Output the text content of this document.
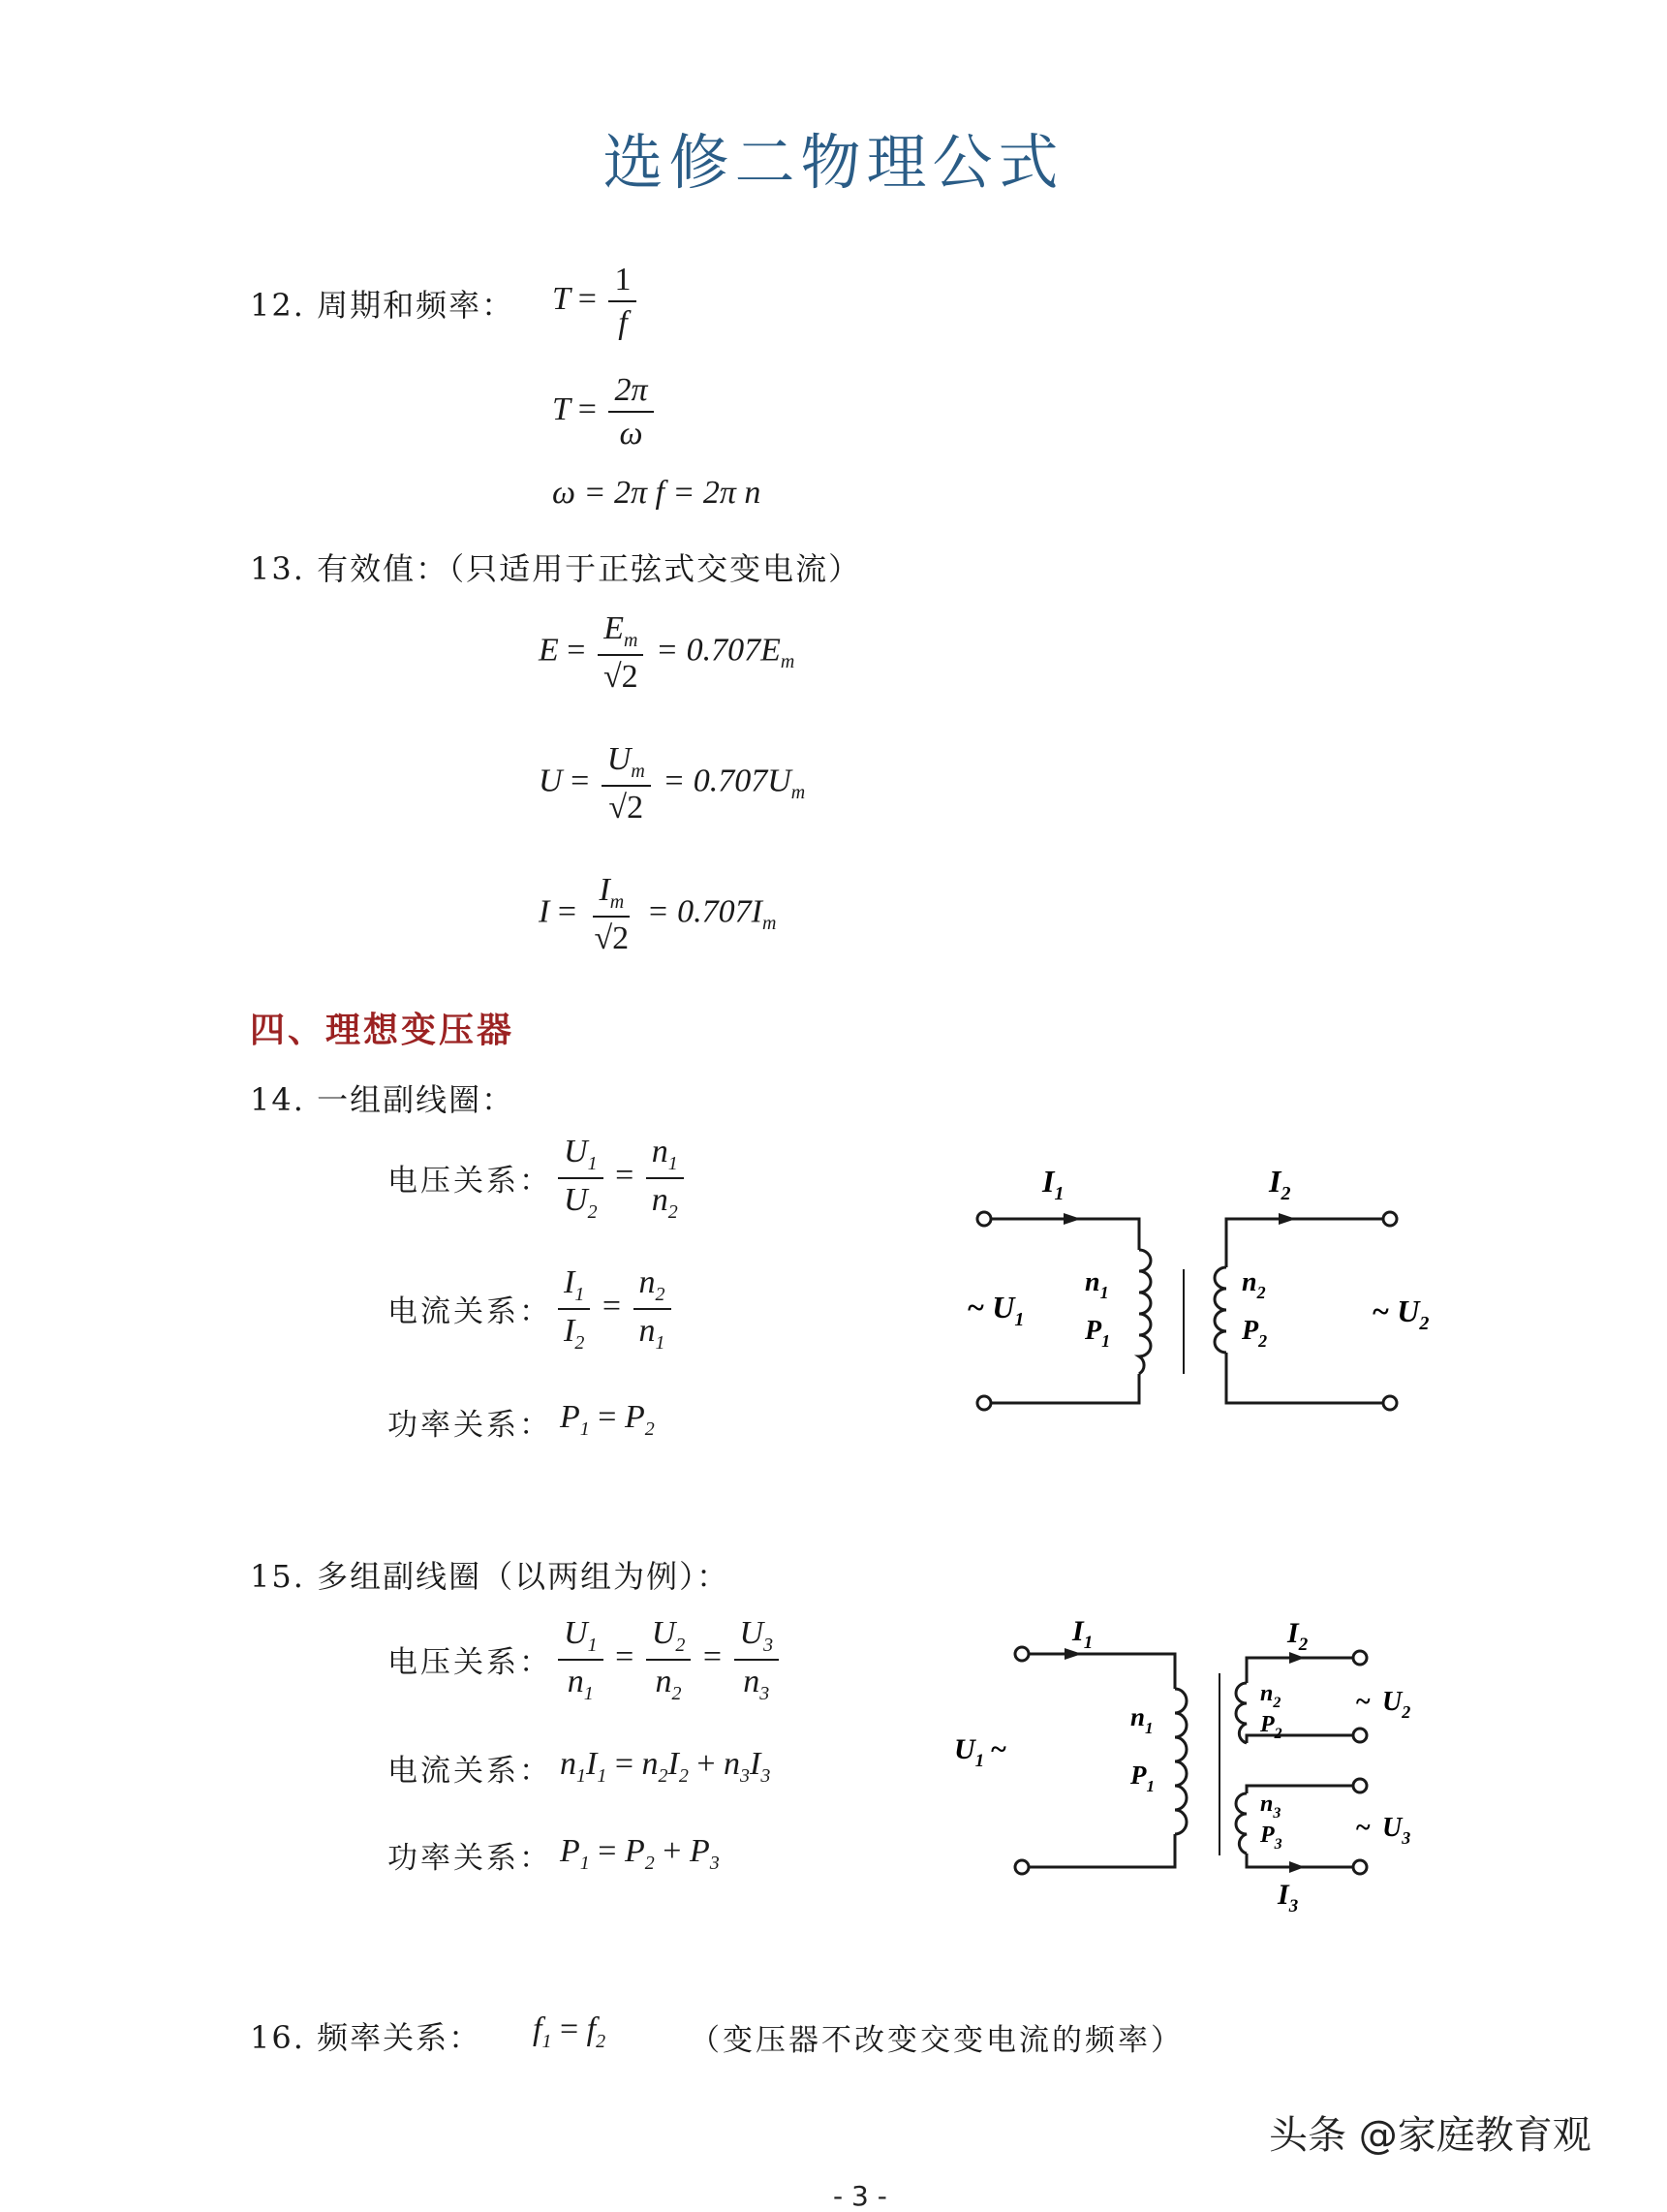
选修二物理公式
12. 周期和频率： $T = \frac{1}{f}$
$T = \frac{2\pi}{\omega}$
ω = 2π f = 2π n
13. 有效值：（只适用于正弦式交变电流）
$E = \frac{E_m}{√2} = 0.707E_m$
$U = \frac{U_m}{√2} = 0.707U_m$
$I = \frac{I_m}{√2} = 0.707I_m$
四、理想变压器
14. 一组副线圈：
电压关系： $\frac{U_1}{U_2} = \frac{n_1}{n_2}$
电流关系： $\frac{I_1}{I_2} = \frac{n_2}{n_1}$
功率关系： $P_1 = P_2$
$I_1$	$I_2$
~ $U_1$
$n_1$
$P_1$
$n_2$
$P_2$
~ $U_2$
15. 多组副线圈（以两组为例）：
电压关系： $\frac{U_1}{n_1} = \frac{U_2}{n_2} = \frac{U_3}{n_3}$
电流关系： $n_1I_1 = n_2I_2 + n_3I_3$
功率关系： $P_1 = P_2 + P_3$
$I_1$	$I_2$
$I_3$
$U_1$ ~
$n_1$
$P_1$
$n_2$
$P_2$
$n_3$
$P_3$
~ $U_2$
~ $U_3$
16. 频率关系： $f_1 = f_2$	（变压器不改变交变电流的频率）
头条 @家庭教育观
- 3 -
